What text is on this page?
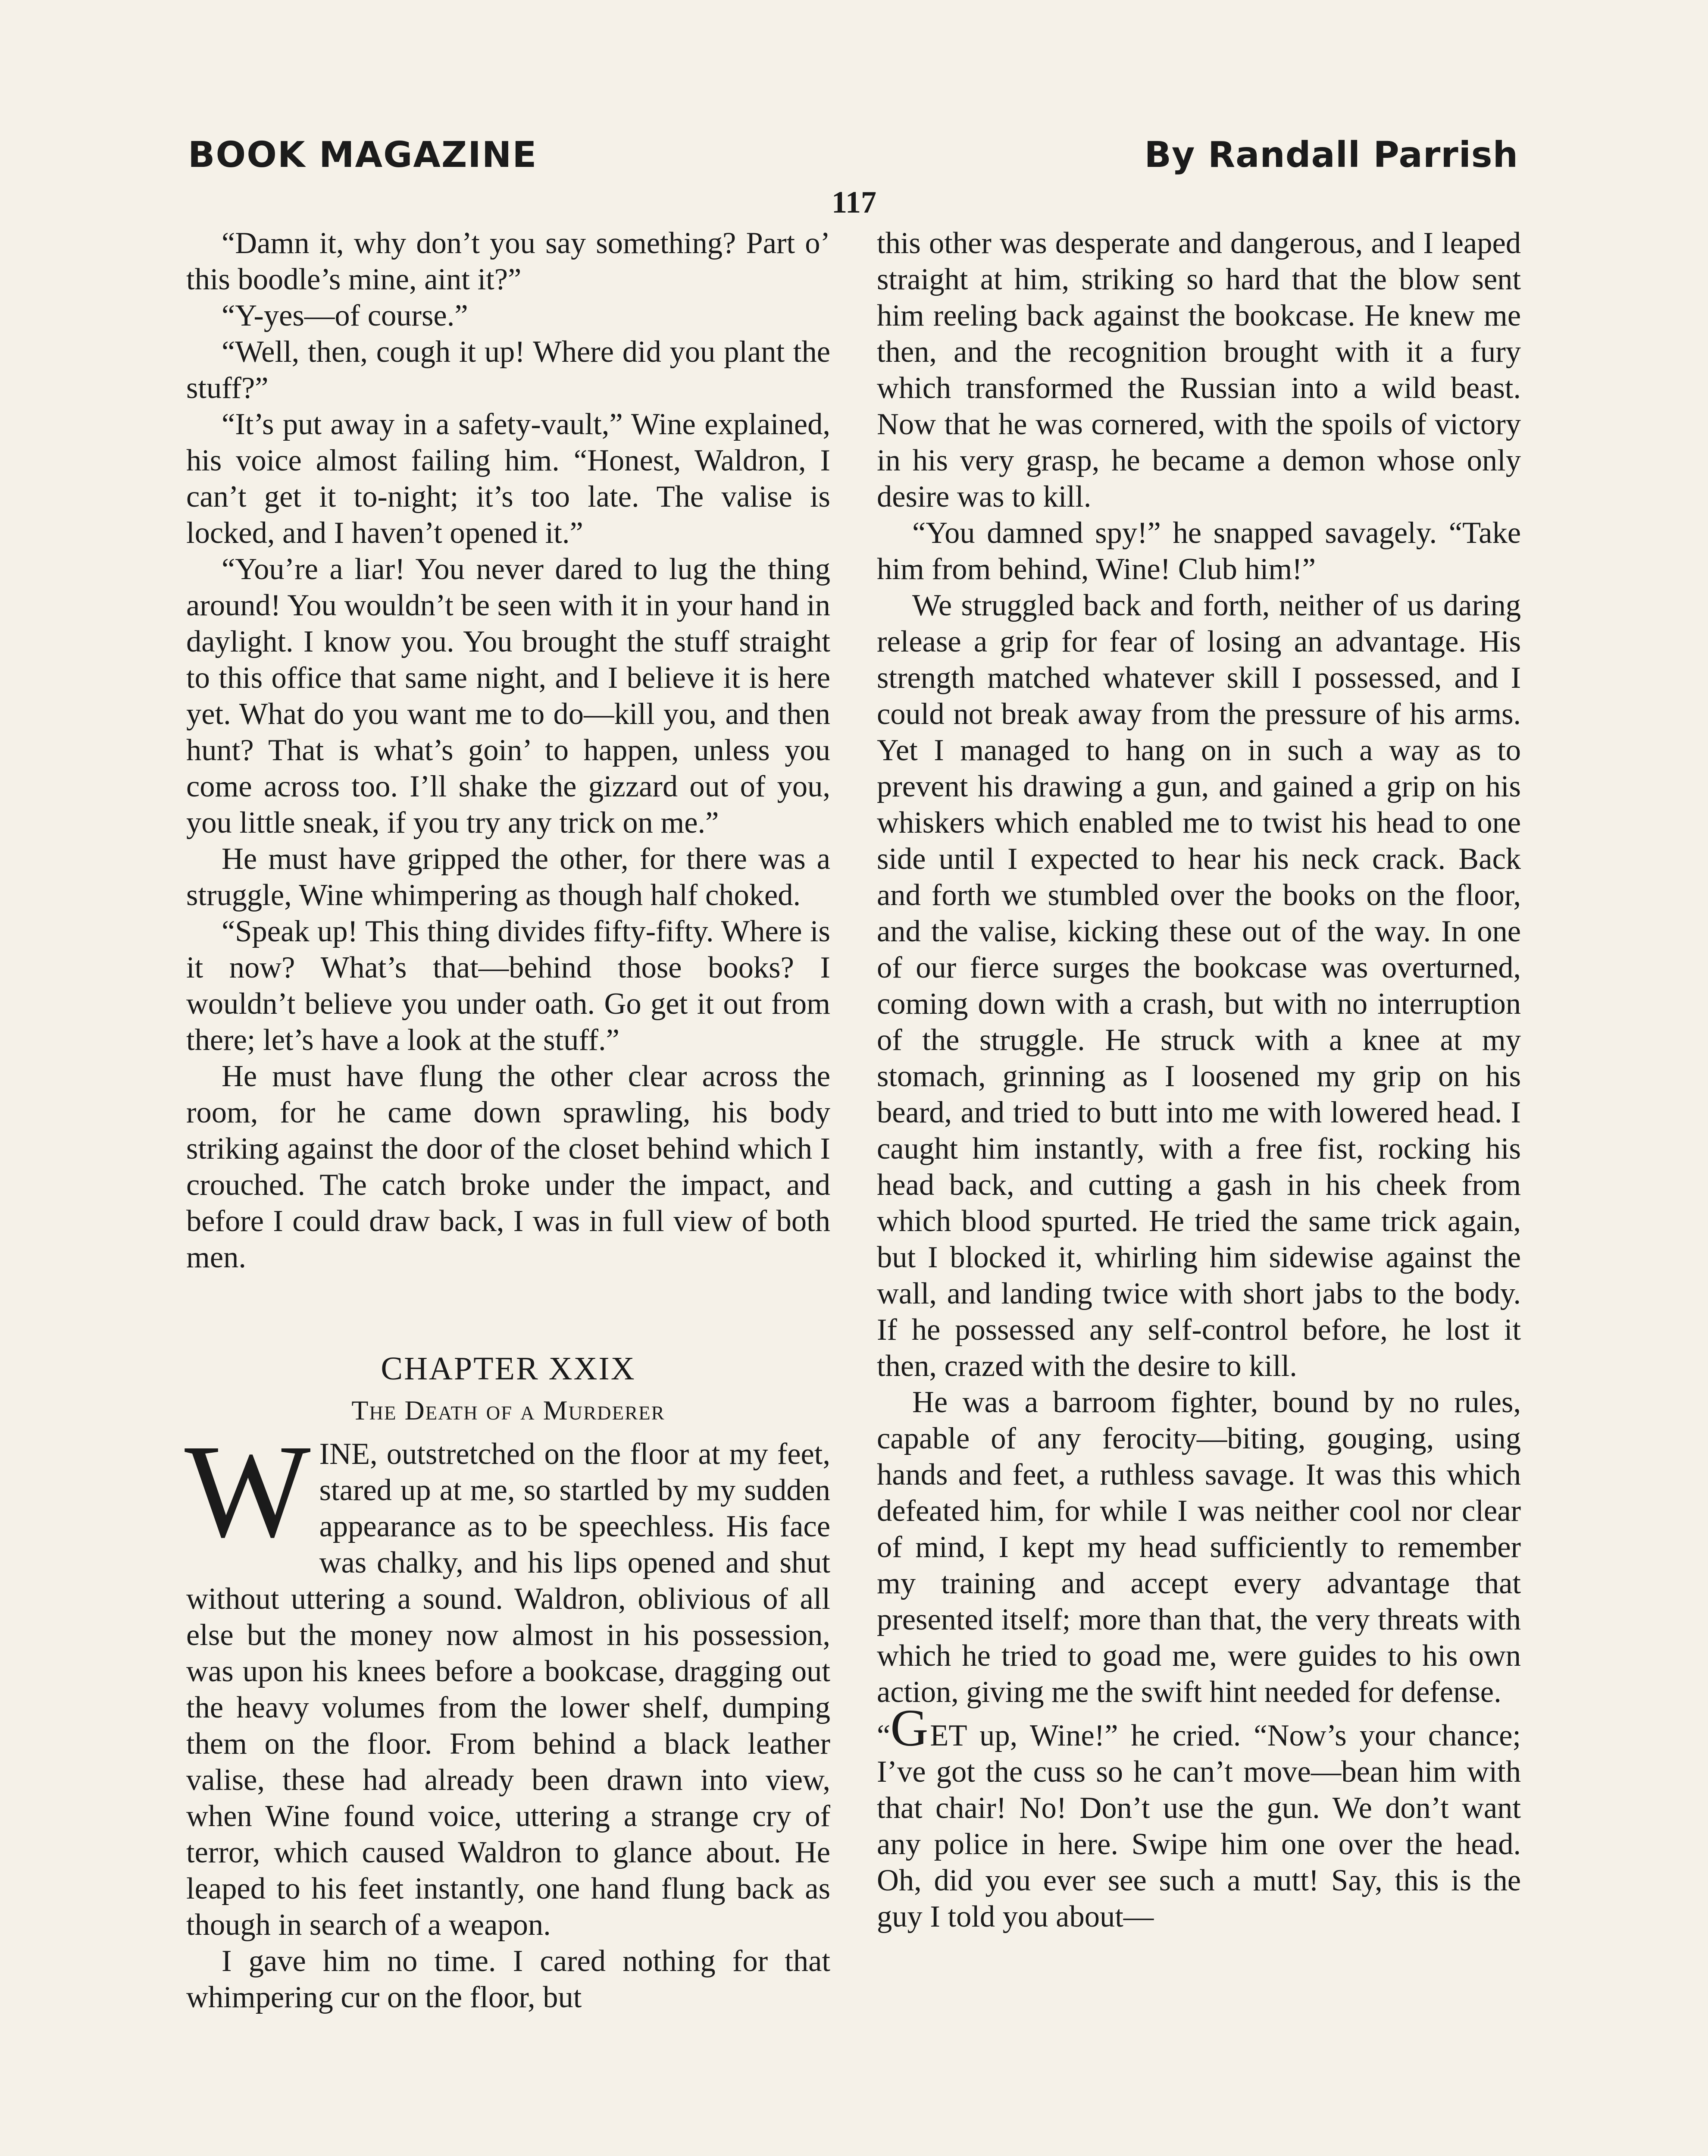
BOOK MAGAZINE	By Randall Parrish
117

“Damn it, why don’t you say something? Part o’ this boodle’s mine, aint it?”

“Y-yes—of course.”

“Well, then, cough it up! Where did you plant the stuff?”

“It’s put away in a safety-vault,” Wine explained, his voice almost failing him. “Honest, Waldron, I can’t get it to-night; it’s too late. The valise is locked, and I haven’t opened it.”

“You’re a liar! You never dared to lug the thing around! You wouldn’t be seen with it in your hand in daylight. I know you. You brought the stuff straight to this office that same night, and I believe it is here yet. What do you want me to do—kill you, and then hunt? That is what’s goin’ to happen, unless you come across too. I’ll shake the gizzard out of you, you little sneak, if you try any trick on me.”

He must have gripped the other, for there was a struggle, Wine whimpering as though half choked.

“Speak up! This thing divides fifty-fifty. Where is it now? What’s that—behind those books? I wouldn’t believe you under oath. Go get it out from there; let’s have a look at the stuff.”

He must have flung the other clear across the room, for he came down sprawling, his body striking against the door of the closet behind which I crouched. The catch broke under the impact, and before I could draw back, I was in full view of both men.

CHAPTER XXIX
The Death of a Murderer

WINE, outstretched on the floor at my feet, stared up at me, so startled by my sudden appearance as to be speechless. His face was chalky, and his lips opened and shut without uttering a sound. Waldron, oblivious of all else but the money now almost in his possession, was upon his knees before a bookcase, dragging out the heavy volumes from the lower shelf, dumping them on the floor. From behind a black leather valise, these had already been drawn into view, when Wine found voice, uttering a strange cry of terror, which caused Waldron to glance about. He leaped to his feet instantly, one hand flung back as though in search of a weapon.

I gave him no time. I cared nothing for that whimpering cur on the floor, but

this other was desperate and dangerous, and I leaped straight at him, striking so hard that the blow sent him reeling back against the bookcase. He knew me then, and the recognition brought with it a fury which transformed the Russian into a wild beast. Now that he was cornered, with the spoils of victory in his very grasp, he became a demon whose only desire was to kill.

“You damned spy!” he snapped savagely. “Take him from behind, Wine! Club him!”

We struggled back and forth, neither of us daring release a grip for fear of losing an advantage. His strength matched whatever skill I possessed, and I could not break away from the pressure of his arms. Yet I managed to hang on in such a way as to prevent his drawing a gun, and gained a grip on his whiskers which enabled me to twist his head to one side until I expected to hear his neck crack. Back and forth we stumbled over the books on the floor, and the valise, kicking these out of the way. In one of our fierce surges the bookcase was overturned, coming down with a crash, but with no interruption of the struggle. He struck with a knee at my stomach, grinning as I loosened my grip on his beard, and tried to butt into me with lowered head. I caught him instantly, with a free fist, rocking his head back, and cutting a gash in his cheek from which blood spurted. He tried the same trick again, but I blocked it, whirling him sidewise against the wall, and landing twice with short jabs to the body. If he possessed any self-control before, he lost it then, crazed with the desire to kill.

He was a barroom fighter, bound by no rules, capable of any ferocity—biting, gouging, using hands and feet, a ruthless savage. It was this which defeated him, for while I was neither cool nor clear of mind, I kept my head sufficiently to remember my training and accept every advantage that presented itself; more than that, the very threats with which he tried to goad me, were guides to his own action, giving me the swift hint needed for defense.

“GET up, Wine!” he cried. “Now’s your chance; I’ve got the cuss so he can’t move—bean him with that chair! No! Don’t use the gun. We don’t want any police in here. Swipe him one over the head. Oh, did you ever see such a mutt! Say, this is the guy I told you about—
